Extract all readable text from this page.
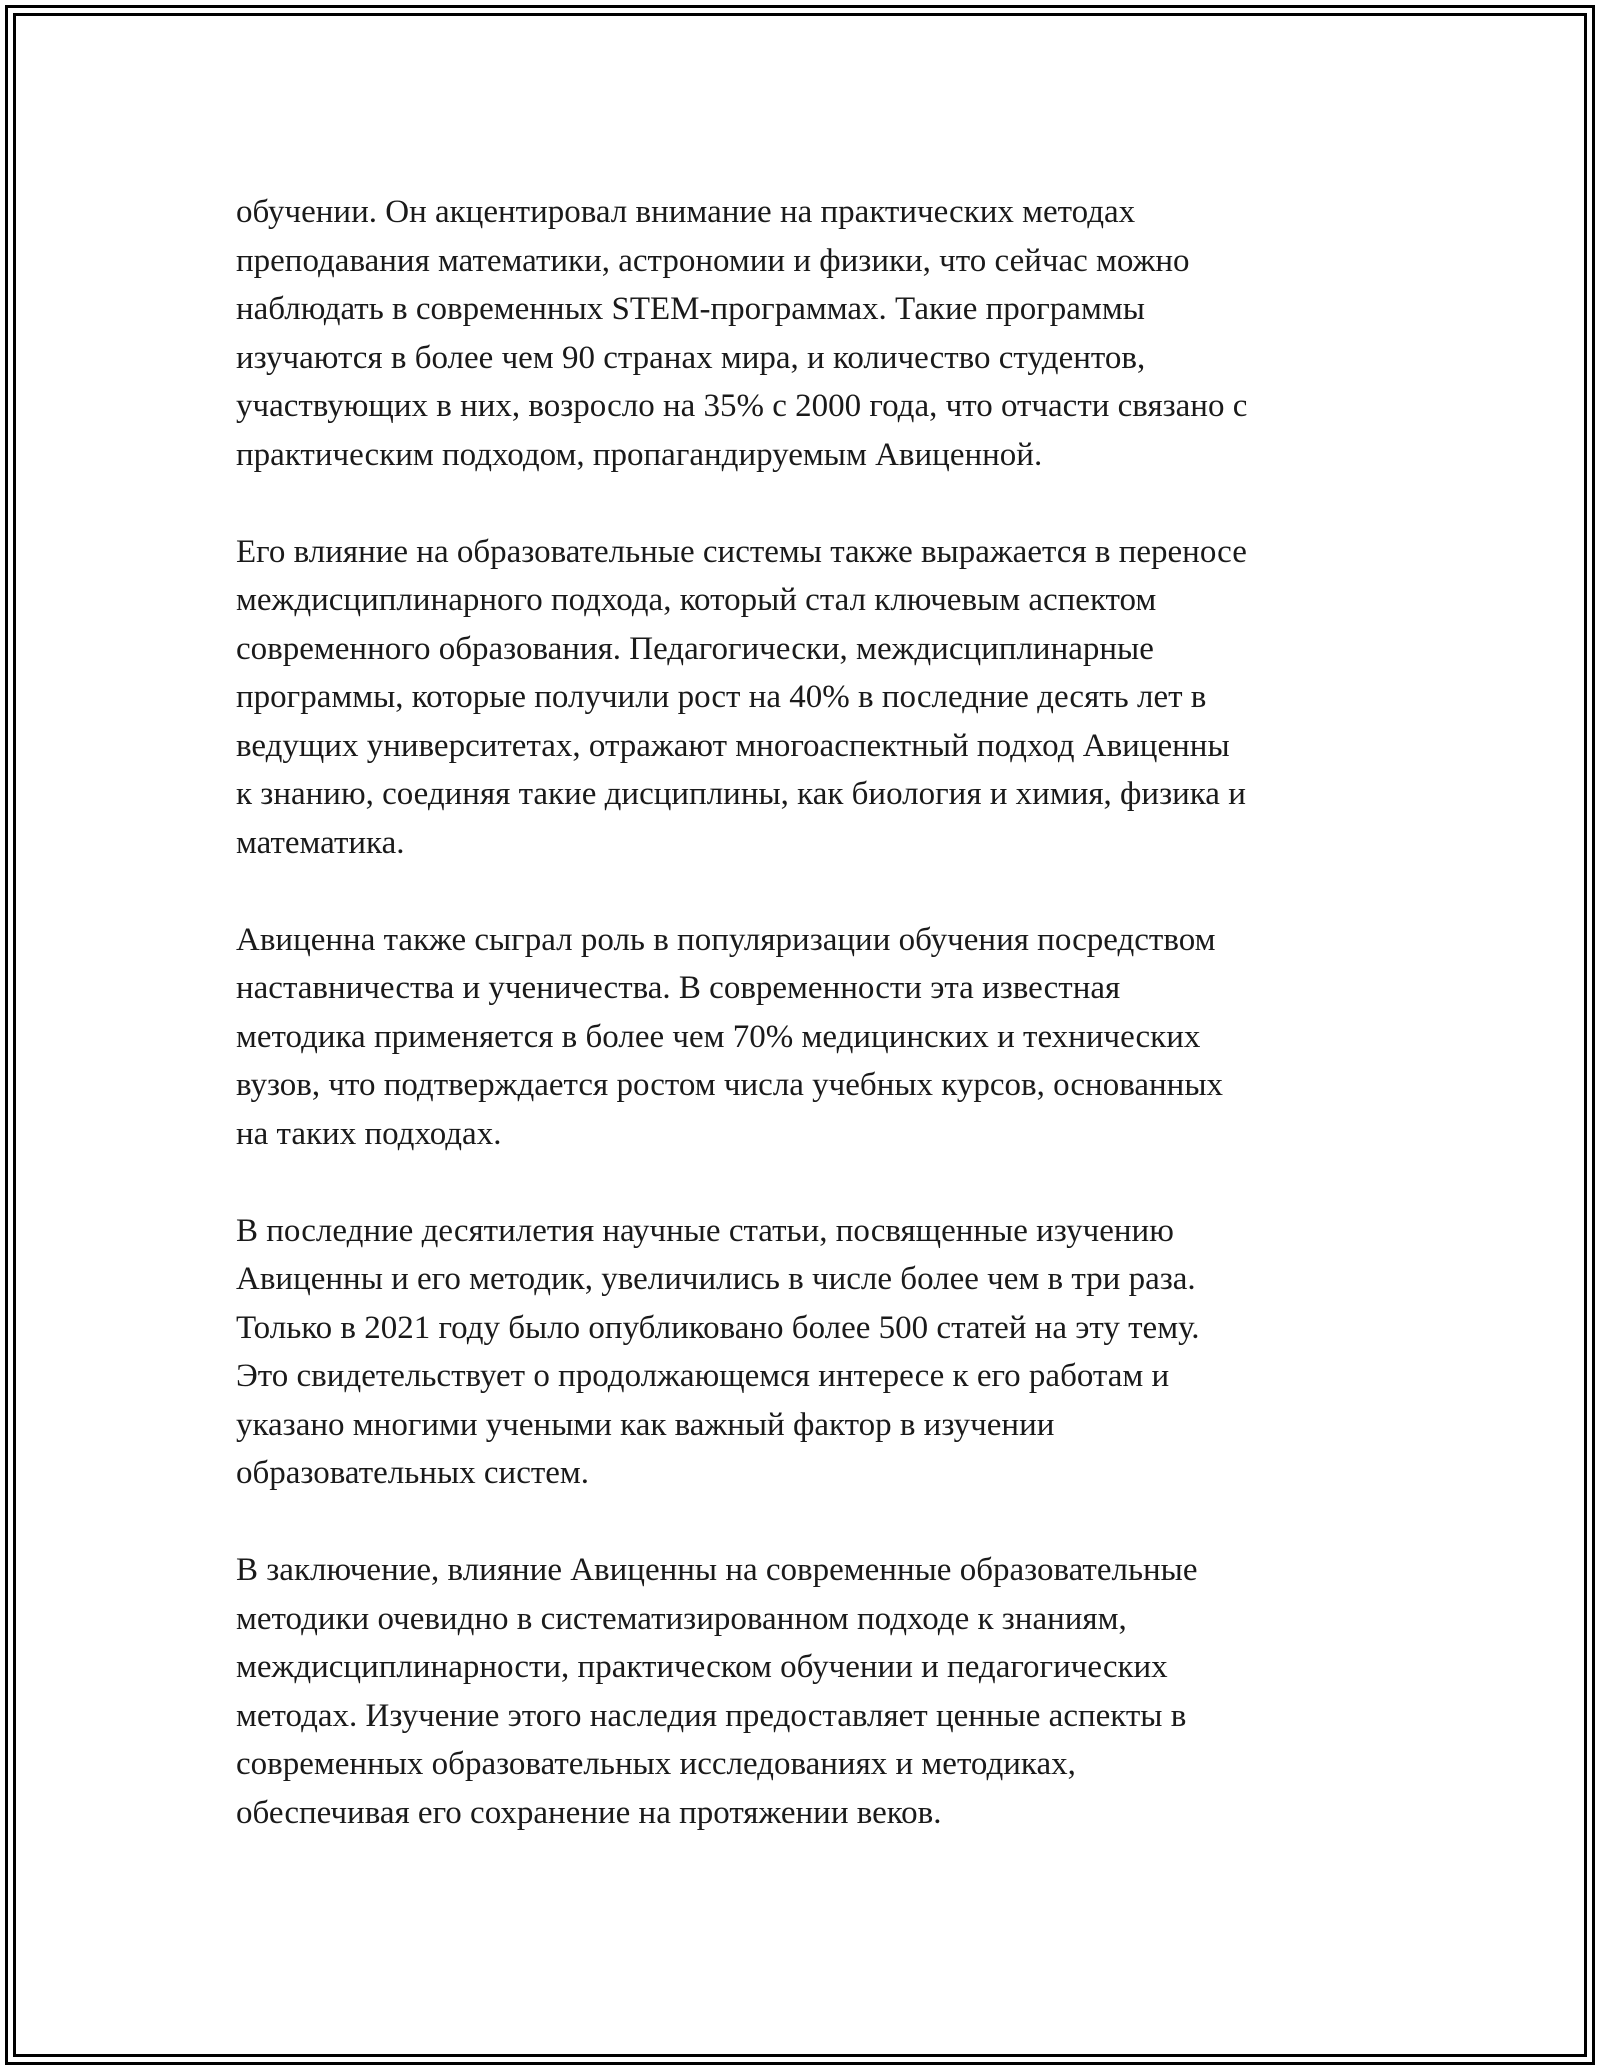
обучении. Он акцентировал внимание на практических методах
преподавания математики, астрономии и физики, что сейчас можно
наблюдать в современных STEM-программах. Такие программы
изучаются в более чем 90 странах мира, и количество студентов,
участвующих в них, возросло на 35% с 2000 года, что отчасти связано с
практическим подходом, пропагандируемым Авиценной.

Его влияние на образовательные системы также выражается в переносе
междисциплинарного подхода, который стал ключевым аспектом
современного образования. Педагогически, междисциплинарные
программы, которые получили рост на 40% в последние десять лет в
ведущих университетах, отражают многоаспектный подход Авиценны
к знанию, соединяя такие дисциплины, как биология и химия, физика и
математика.

Авиценна также сыграл роль в популяризации обучения посредством
наставничества и ученичества. В современности эта известная
методика применяется в более чем 70% медицинских и технических
вузов, что подтверждается ростом числа учебных курсов, основанных
на таких подходах.

В последние десятилетия научные статьи, посвященные изучению
Авиценны и его методик, увеличились в числе более чем в три раза.
Только в 2021 году было опубликовано более 500 статей на эту тему.
Это свидетельствует о продолжающемся интересе к его работам и
указано многими учеными как важный фактор в изучении
образовательных систем.

В заключение, влияние Авиценны на современные образовательные
методики очевидно в систематизированном подходе к знаниям,
междисциплинарности, практическом обучении и педагогических
методах. Изучение этого наследия предоставляет ценные аспекты в
современных образовательных исследованиях и методиках,
обеспечивая его сохранение на протяжении веков.
